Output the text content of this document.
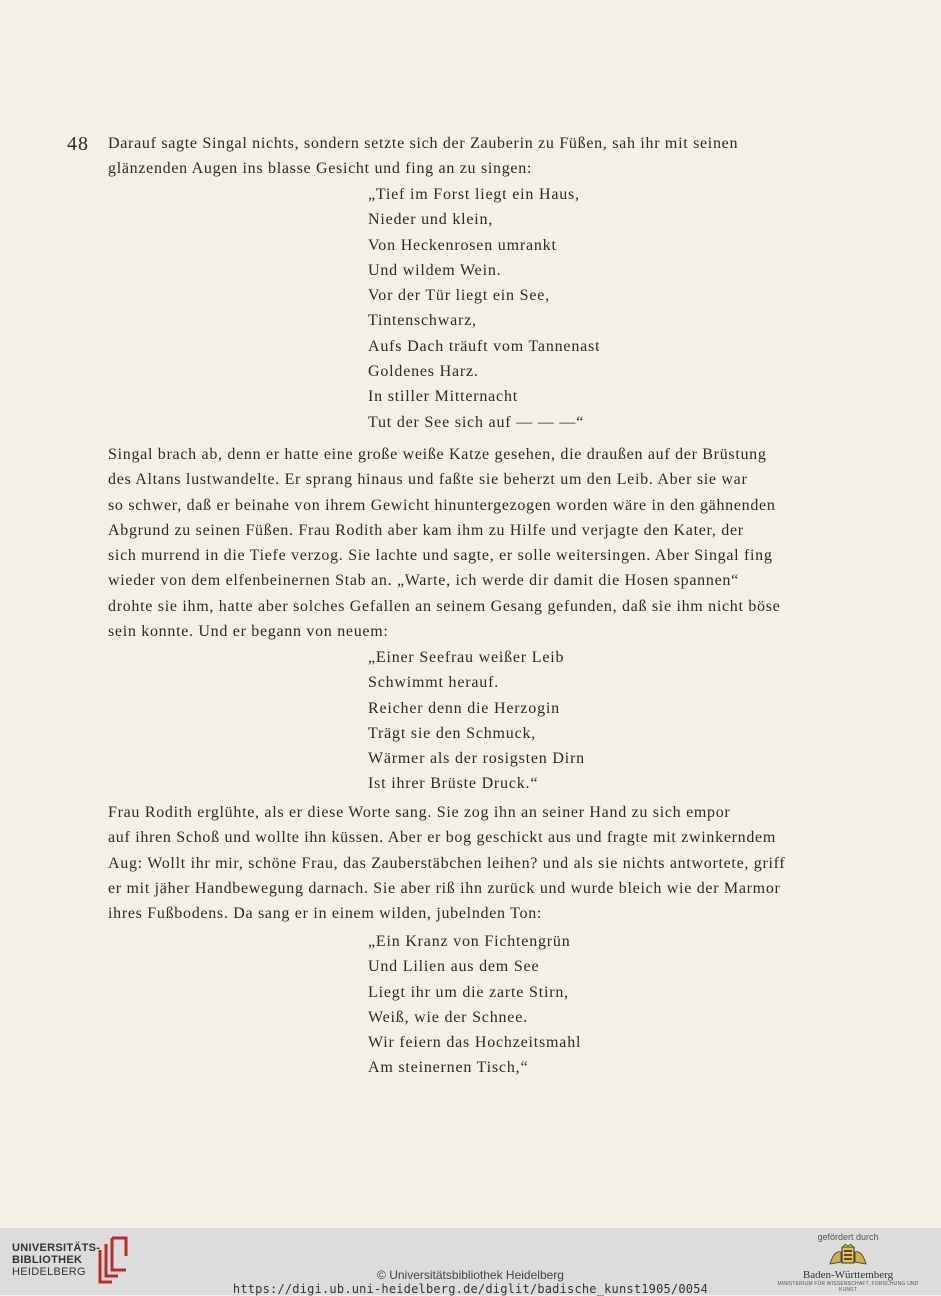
48 Darauf sagte Singal nichts, sondern setzte sich der Zauberin zu Füßen, sah ihr mit seinen
glänzenden Augen ins blasse Gesicht und fing an zu singen:
„Tief im Forst liegt ein Haus,
Nieder und klein,
Von Heckenrosen umrankt
Und wildem Wein.
Vor der Tür liegt ein See,
Tintenschwarz,
Aufs Dach träuft vom Tannenast
Goldenes Harz.
In stiller Mitternacht
Tut der See sich auf — — —“
Singal brach ab, denn er hatte eine große weiße Katze gesehen, die draußen auf der Brüstung
des Altans lustwandelte. Er sprang hinaus und faßte sie beherzt um den Leib. Aber sie war
so schwer, daß er beinahe von ihrem Gewicht hinuntergezogen worden wäre in den gähnenden
Abgrund zu seinen Füßen. Frau Rodith aber kam ihm zu Hilfe und verjagte den Kater, der
sich murrend in die Tiefe verzog. Sie lachte und sagte, er solle weitersingen. Aber Singal fing
wieder von dem elfenbeinernen Stab an. „Warte, ich werde dir damit die Hosen spannen“
drohte sie ihm, hatte aber solches Gefallen an seinem Gesang gefunden, daß sie ihm nicht böse
sein konnte. Und er begann von neuem:
„Einer Seefrau weißer Leib
Schwimmt herauf.
Reicher denn die Herzogin
Trägt sie den Schmuck,
Wärmer als der rosigsten Dirn
Ist ihrer Brüste Druck.“
Frau Rodith erglühte, als er diese Worte sang. Sie zog ihn an seiner Hand zu sich empor
auf ihren Schoß und wollte ihn küssen. Aber er bog geschickt aus und fragte mit zwinkerndem
Aug: Wollt ihr mir, schöne Frau, das Zauberstäbchen leihen? und als sie nichts antwortete, griff
er mit jäher Handbewegung darnach. Sie aber riß ihn zurück und wurde bleich wie der Marmor
ihres Fußbodens. Da sang er in einem wilden, jubelnden Ton:
„Ein Kranz von Fichtengrün
Und Lilien aus dem See
Liegt ihr um die zarte Stirn,
Weiß, wie der Schnee.
Wir feiern das Hochzeitsmahl
Am steinernen Tisch,“
UNIVERSITÄTS-
BIBLIOTHEK
HEIDELBERG	© Universitätsbibliothek Heidelberg
https://digi.ub.uni-heidelberg.de/diglit/badische_kunst1905/0054
gefördert durch
Baden-Württemberg
MINISTERIUM FÜR WISSENSCHAFT, FORSCHUNG UND KUNST
